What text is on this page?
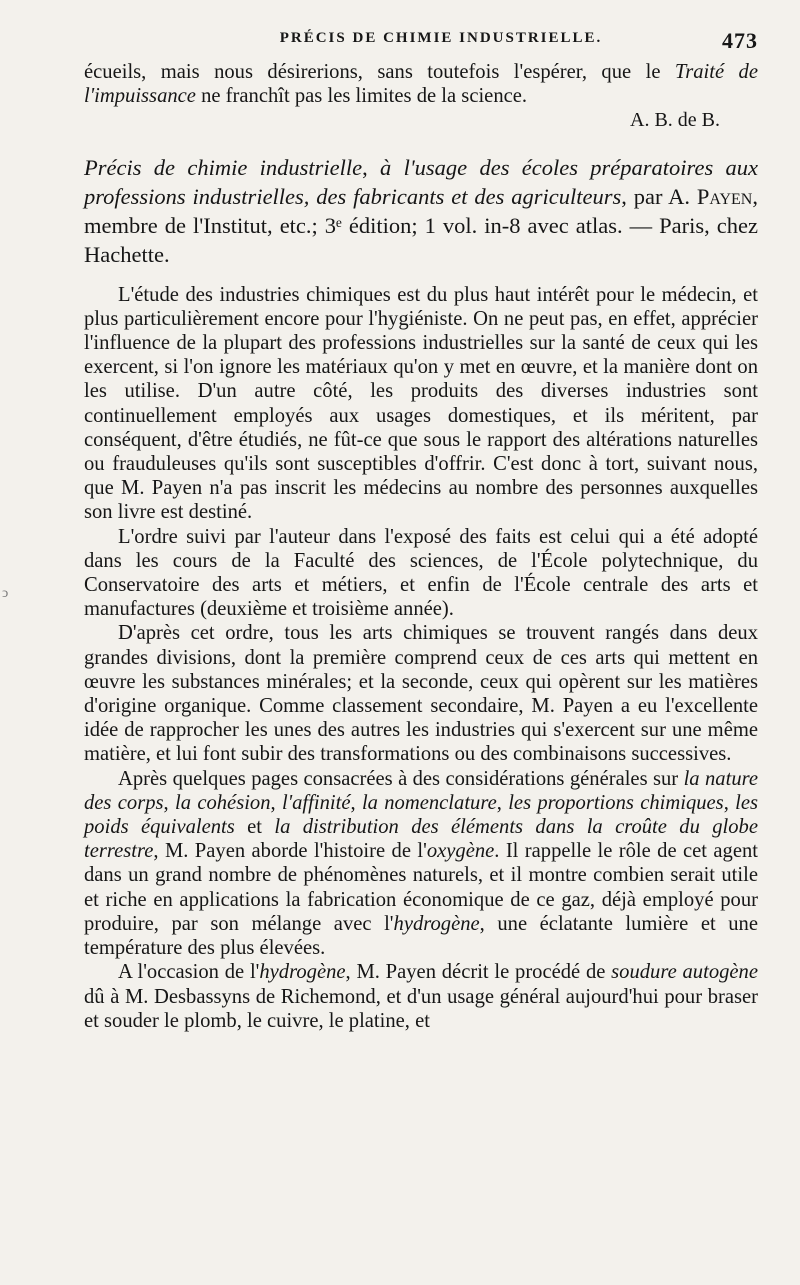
PRÉCIS DE CHIMIE INDUSTRIELLE.	473

écueils, mais nous désirerions, sans toutefois l'espérer, que le Traité de l'impuissance ne franchît pas les limites de la science.

A. B. de B.

Précis de chimie industrielle, à l'usage des écoles préparatoires aux professions industrielles, des fabricants et des agriculteurs, par A. Payen, membre de l'Institut, etc.; 3ᵉ édition; 1 vol. in-8 avec atlas. — Paris, chez Hachette.

L'étude des industries chimiques est du plus haut intérêt pour le médecin, et plus particulièrement encore pour l'hygiéniste. On ne peut pas, en effet, apprécier l'influence de la plupart des professions industrielles sur la santé de ceux qui les exercent, si l'on ignore les matériaux qu'on y met en œuvre, et la manière dont on les utilise. D'un autre côté, les produits des diverses industries sont continuellement employés aux usages domestiques, et ils méritent, par conséquent, d'être étudiés, ne fût-ce que sous le rapport des altérations naturelles ou frauduleuses qu'ils sont susceptibles d'offrir. C'est donc à tort, suivant nous, que M. Payen n'a pas inscrit les médecins au nombre des personnes auxquelles son livre est destiné.

L'ordre suivi par l'auteur dans l'exposé des faits est celui qui a été adopté dans les cours de la Faculté des sciences, de l'École polytechnique, du Conservatoire des arts et métiers, et enfin de l'École centrale des arts et manufactures (deuxième et troisième année).

D'après cet ordre, tous les arts chimiques se trouvent rangés dans deux grandes divisions, dont la première comprend ceux de ces arts qui mettent en œuvre les substances minérales; et la seconde, ceux qui opèrent sur les matières d'origine organique. Comme classement secondaire, M. Payen a eu l'excellente idée de rapprocher les unes des autres les industries qui s'exercent sur une même matière, et lui font subir des transformations ou des combinaisons successives.

Après quelques pages consacrées à des considérations générales sur la nature des corps, la cohésion, l'affinité, la nomenclature, les proportions chimiques, les poids équivalents et la distribution des éléments dans la croûte du globe terrestre, M. Payen aborde l'histoire de l'oxygène. Il rappelle le rôle de cet agent dans un grand nombre de phénomènes naturels, et il montre combien serait utile et riche en applications la fabrication économique de ce gaz, déjà employé pour produire, par son mélange avec l'hydrogène, une éclatante lumière et une température des plus élevées.

A l'occasion de l'hydrogène, M. Payen décrit le procédé de soudure autogène dû à M. Desbassyns de Richemond, et d'un usage général aujourd'hui pour braser et souder le plomb, le cuivre, le platine, et

ↄ
